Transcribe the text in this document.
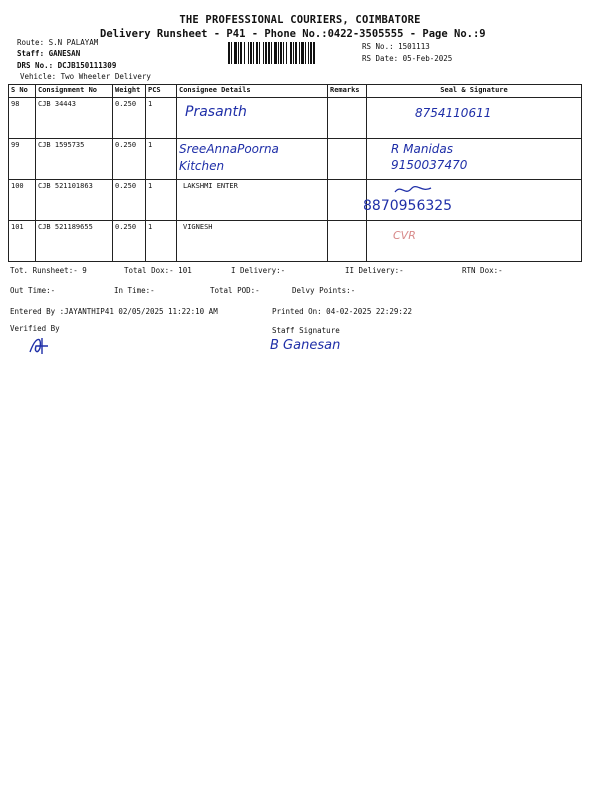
THE PROFESSIONAL COURIERS, COIMBATORE
Delivery Runsheet - P41 - Phone No.:0422-3505555 - Page No.:9
Route: S.N PALAYAM
Staff: GANESAN
DRS No.: DCJB150111309
Vehicle: Two Wheeler Delivery
RS No.: 1501113
RS Date: 05-Feb-2025
S No	Consignment No	Weight	PCS	Consignee Details	Remarks	Seal & Signature
98	CJB 34443	0.250	1	Prasanth		8754110611

99	CJB 1595735	0.250	1	SreeAnnaPoorna Kitchen		R Manidas 9150037470

100	CJB 521101863	0.250	1	LAKSHMI ENTER		8870956325

101	CJB 521189655	0.250	1	VIGNESH		CVR
Tot. Runsheet:- 9	Total Dox:- 101	I Delivery:-	II Delivery:-	RTN Dox:-
Out Time:-	In Time:-	Total POD:-	Delvy Points:-
Entered By :JAYANTHIP41 02/05/2025 11:22:10 AM	Printed On: 04-02-2025 22:29:22
Verified By	Staff Signature
B Ganesan
